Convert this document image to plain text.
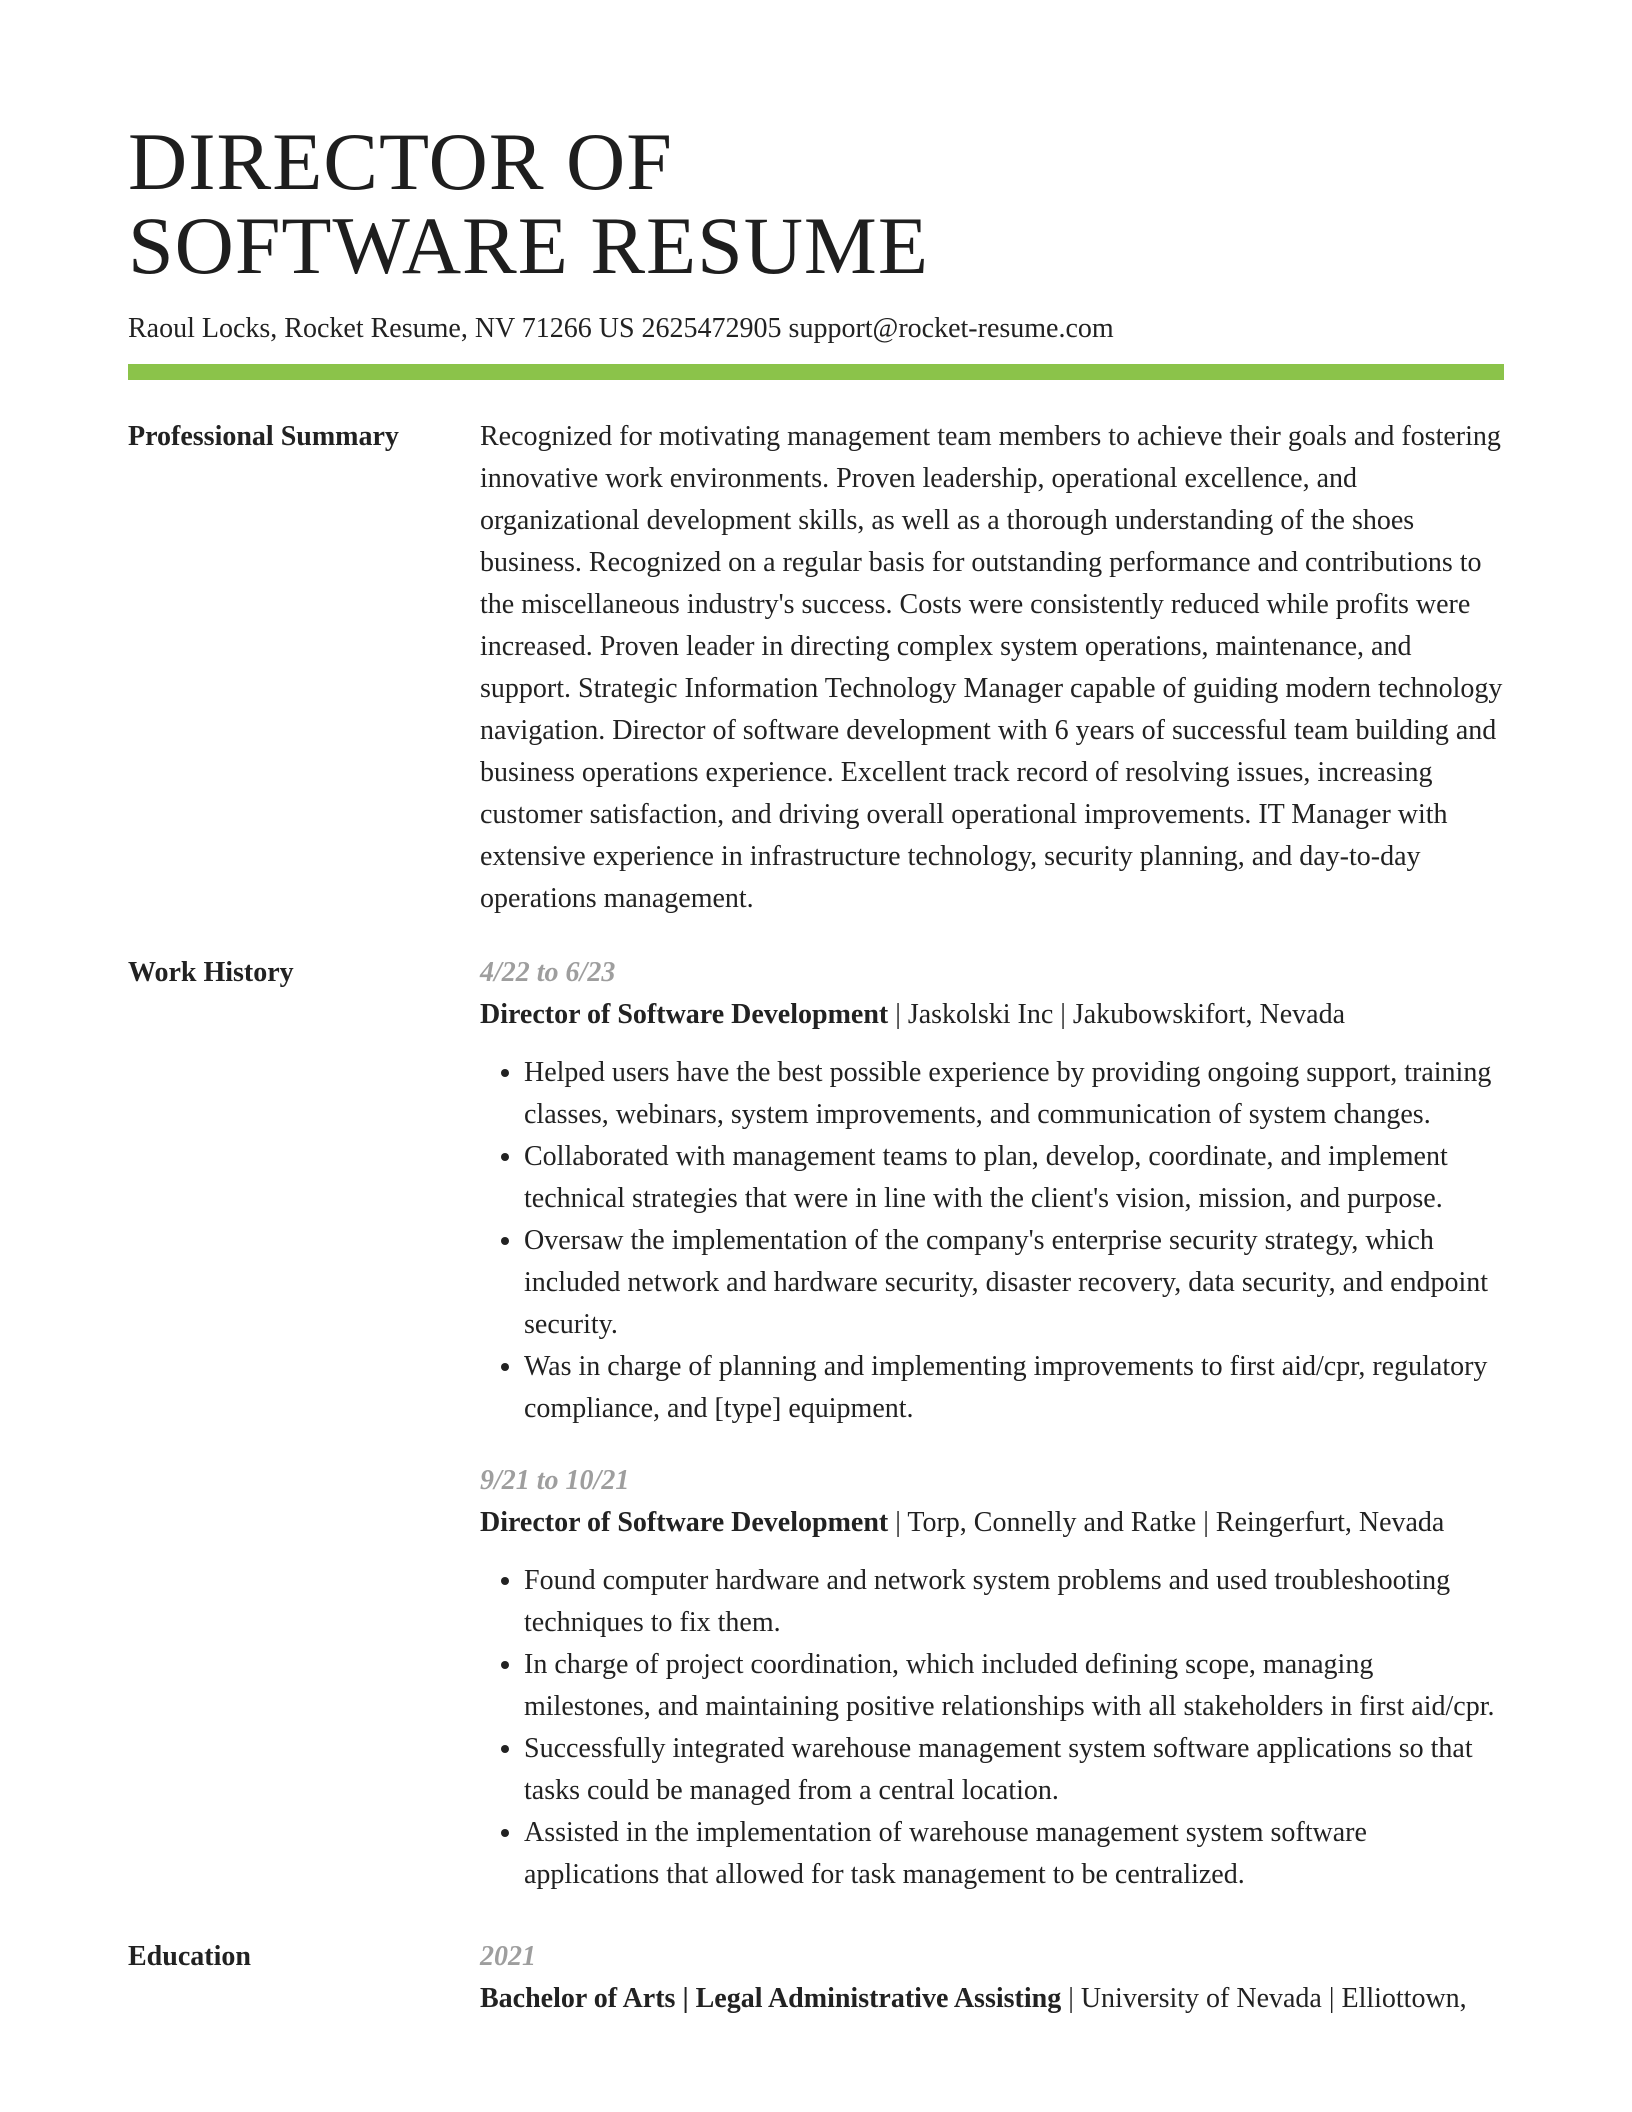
DIRECTOR OF
SOFTWARE RESUME
Raoul Locks, Rocket Resume, NV 71266 US 2625472905 support@rocket-resume.com
Professional Summary	Recognized for motivating management team members to achieve their goals and fostering innovative work environments. Proven leadership, operational excellence, and organizational development skills, as well as a thorough understanding of the shoes business. Recognized on a regular basis for outstanding performance and contributions to the miscellaneous industry's success. Costs were consistently reduced while profits were increased. Proven leader in directing complex system operations, maintenance, and support. Strategic Information Technology Manager capable of guiding modern technology navigation. Director of software development with 6 years of successful team building and business operations experience. Excellent track record of resolving issues, increasing customer satisfaction, and driving overall operational improvements. IT Manager with extensive experience in infrastructure technology, security planning, and day-to-day operations management.

Work History	4/22 to 6/23

Director of Software Development | Jaskolski Inc | Jakubowskifort, Nevada

• Helped users have the best possible experience by providing ongoing support, training classes, webinars, system improvements, and communication of system changes.
• Collaborated with management teams to plan, develop, coordinate, and implement technical strategies that were in line with the client's vision, mission, and purpose.
• Oversaw the implementation of the company's enterprise security strategy, which included network and hardware security, disaster recovery, data security, and endpoint security.
• Was in charge of planning and implementing improvements to first aid/cpr, regulatory compliance, and [type] equipment.
9/21 to 10/21

Director of Software Development | Torp, Connelly and Ratke | Reingerfurt, Nevada

• Found computer hardware and network system problems and used troubleshooting techniques to fix them.
• In charge of project coordination, which included defining scope, managing milestones, and maintaining positive relationships with all stakeholders in first aid/cpr.
• Successfully integrated warehouse management system software applications so that tasks could be managed from a central location.
• Assisted in the implementation of warehouse management system software applications that allowed for task management to be centralized.
Education	2021

Bachelor of Arts | Legal Administrative Assisting | University of Nevada | Elliottown,
